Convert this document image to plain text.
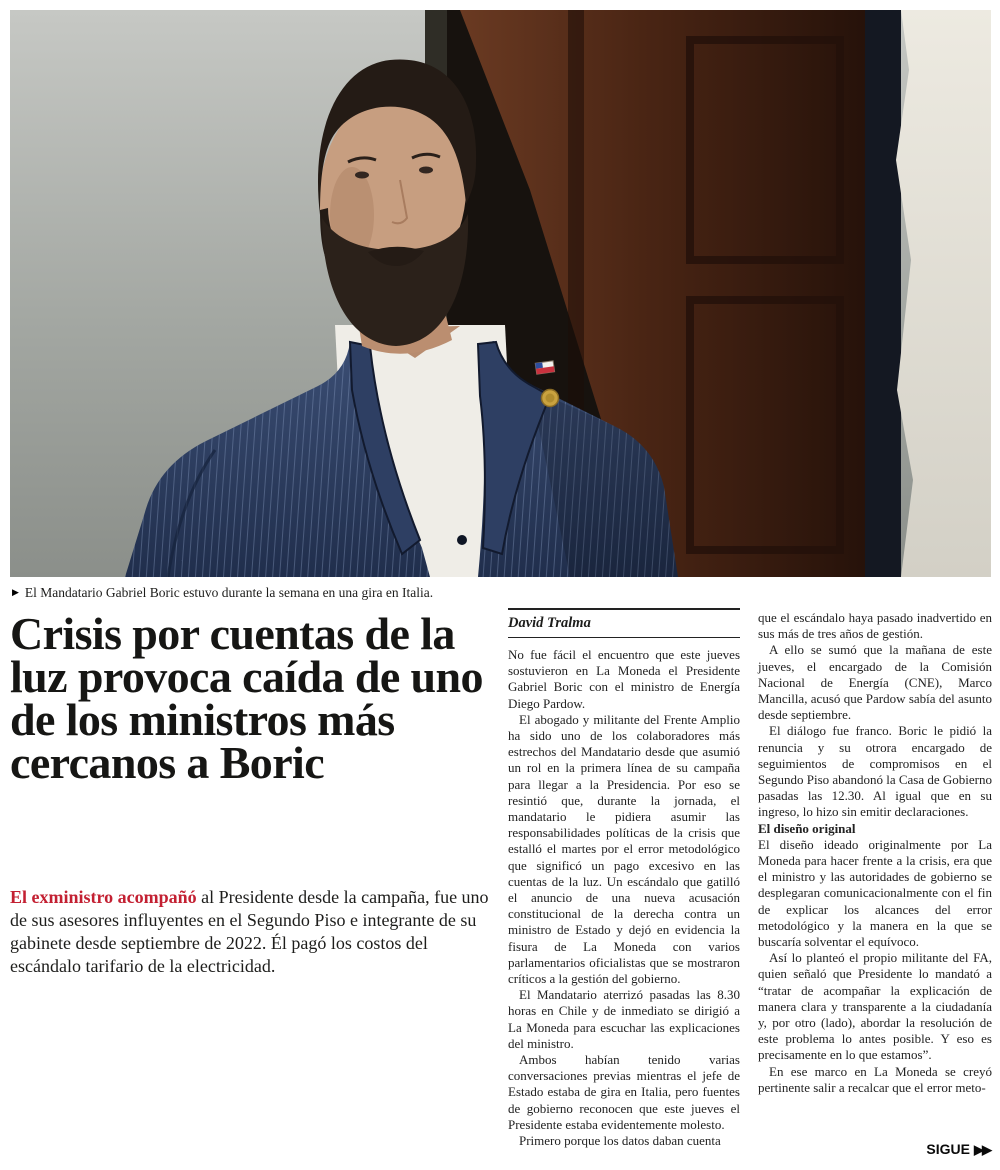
▶ El Mandatario Gabriel Boric estuvo durante la semana en una gira en Italia.
Crisis por cuentas de la luz provoca caída de uno de los ministros más cercanos a Boric

El exministro acompañó al Presidente desde la campaña, fue uno de sus asesores influyentes en el Segundo Piso e integrante de su gabinete desde septiembre de 2022. Él pagó los costos del escándalo tarifario de la electricidad.

David Tralma

No fue fácil el encuentro que este jueves sostuvieron en La Moneda el Presidente Gabriel Boric con el ministro de Energía Diego Pardow.

El abogado y militante del Frente Amplio ha sido uno de los colaboradores más estrechos del Mandatario desde que asumió un rol en la primera línea de su campaña para llegar a la Presidencia. Por eso se resintió que, durante la jornada, el mandatario le pidiera asumir las responsabilidades políticas de la crisis que estalló el martes por el error metodológico que significó un pago excesivo en las cuentas de la luz. Un escándalo que gatilló el anuncio de una nueva acusación constitucional de la derecha contra un ministro de Estado y dejó en evidencia la fisura de La Moneda con varios parlamentarios oficialistas que se mostraron críticos a la gestión del gobierno.

El Mandatario aterrizó pasadas las 8.30 horas en Chile y de inmediato se dirigió a La Moneda para escuchar las explicaciones del ministro.

Ambos habían tenido varias conversaciones previas mientras el jefe de Estado estaba de gira en Italia, pero fuentes de gobierno reconocen que este jueves el Presidente estaba evidentemente molesto.

Primero porque los datos daban cuenta

que el escándalo haya pasado inadvertido en sus más de tres años de gestión.

A ello se sumó que la mañana de este jueves, el encargado de la Comisión Nacional de Energía (CNE), Marco Mancilla, acusó que Pardow sabía del asunto desde septiembre.

El diálogo fue franco. Boric le pidió la renuncia y su otrora encargado de seguimientos de compromisos en el Segundo Piso abandonó la Casa de Gobierno pasadas las 12.30. Al igual que en su ingreso, lo hizo sin emitir declaraciones.

El diseño original

El diseño ideado originalmente por La Moneda para hacer frente a la crisis, era que el ministro y las autoridades de gobierno se desplegaran comunicacionalmente con el fin de explicar los alcances del error metodológico y la manera en la que se buscaría solventar el equívoco.

Así lo planteó el propio militante del FA, quien señaló que Presidente lo mandató a “tratar de acompañar la explicación de manera clara y transparente a la ciudadanía y, por otro (lado), abordar la resolución de este problema lo antes posible. Y eso es precisamente en lo que estamos”.

En ese marco en La Moneda se creyó pertinente salir a recalcar que el error meto-

SIGUE ▶▶
